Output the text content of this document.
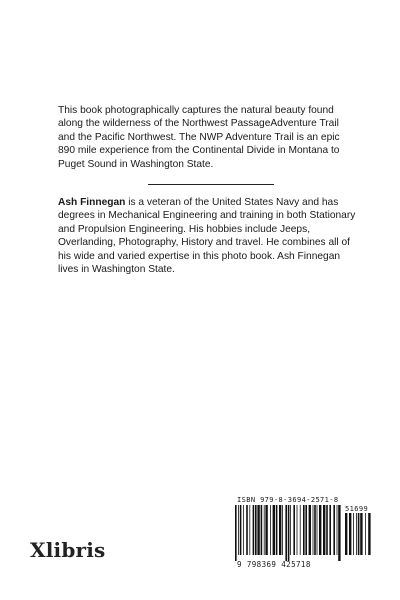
This book photographically captures the natural beauty found along the wilderness of the Northwest PassageAdventure Trail and the Pacific Northwest. The NWP Adventure Trail is an epic 890 mile experience from the Continental Divide in Montana to Puget Sound in Washington State.

Ash Finnegan is a veteran of the United States Navy and has degrees in Mechanical Engineering and training in both Stationary and Propulsion Engineering. His hobbies include Jeeps, Overlanding, Photography, History and travel. He combines all of his wide and varied expertise in this photo book. Ash Finnegan lives in Washington State.

Xlibris
ISBN 979-8-3694-2571-8
51699
9 798369 425718
